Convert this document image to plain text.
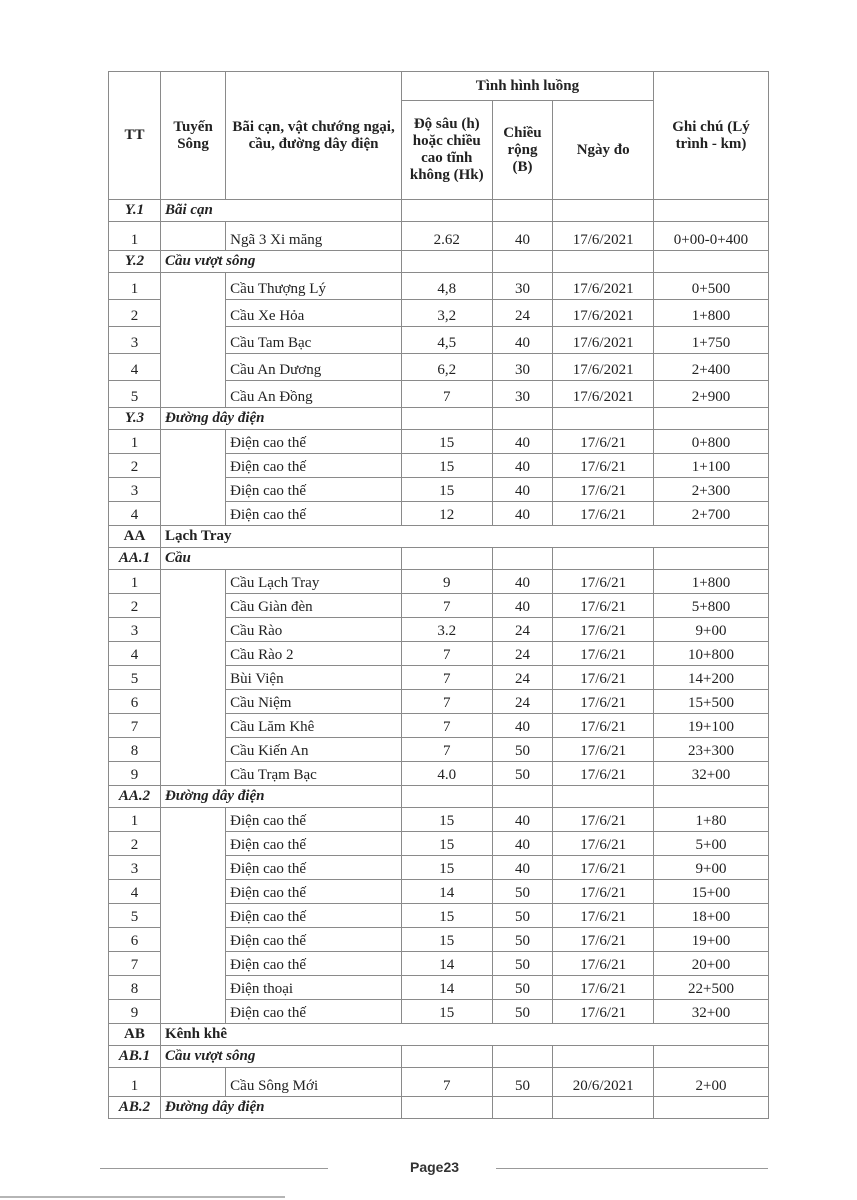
TT	Tuyến Sông	Bãi cạn, vật chướng ngại, cầu, đường dây điện	Tình hình luồng			Ghi chú (Lý trình - km)
			Độ sâu (h) hoặc chiều cao tĩnh không (Hk)	Chiều rộng (B)	Ngày đo	
Y.1	Bãi cạn					
1		Ngã 3 Xi măng	2.62	40	17/6/2021	0+00-0+400
Y.2	Cầu vượt sông					
1		Cầu Thượng Lý	4,8	30	17/6/2021	0+500
2		Cầu Xe Hỏa	3,2	24	17/6/2021	1+800
3		Cầu Tam Bạc	4,5	40	17/6/2021	1+750
4		Cầu An Dương	6,2	30	17/6/2021	2+400
5		Cầu An Đồng	7	30	17/6/2021	2+900
Y.3	Đường dây điện					
1		Điện cao thế	15	40	17/6/21	0+800
2		Điện cao thế	15	40	17/6/21	1+100
3		Điện cao thế	15	40	17/6/21	2+300
4		Điện cao thế	12	40	17/6/21	2+700
AA	Lạch Tray					
AA.1	Cầu					
1		Cầu Lạch Tray	9	40	17/6/21	1+800
2		Cầu Giàn đèn	7	40	17/6/21	5+800
3		Cầu Rào	3.2	24	17/6/21	9+00
4		Cầu Rào 2	7	24	17/6/21	10+800
5		Bùi Viện	7	24	17/6/21	14+200
6		Cầu Niệm	7	24	17/6/21	15+500
7		Cầu Lăm Khê	7	40	17/6/21	19+100
8		Cầu Kiến An	7	50	17/6/21	23+300
9		Cầu Trạm Bạc	4.0	50	17/6/21	32+00
AA.2	Đường dây điện					
1		Điện cao thế	15	40	17/6/21	1+80
2		Điện cao thế	15	40	17/6/21	5+00
3		Điện cao thế	15	40	17/6/21	9+00
4		Điện cao thế	14	50	17/6/21	15+00
5		Điện cao thế	15	50	17/6/21	18+00
6		Điện cao thế	15	50	17/6/21	19+00
7		Điện cao thế	14	50	17/6/21	20+00
8		Điện thoại	14	50	17/6/21	22+500
9		Điện cao thế	15	50	17/6/21	32+00
AB	Kênh khê					
AB.1	Cầu vượt sông					
1		Cầu Sông Mới	7	50	20/6/2021	2+00
AB.2	Đường dây điện					
Page23
